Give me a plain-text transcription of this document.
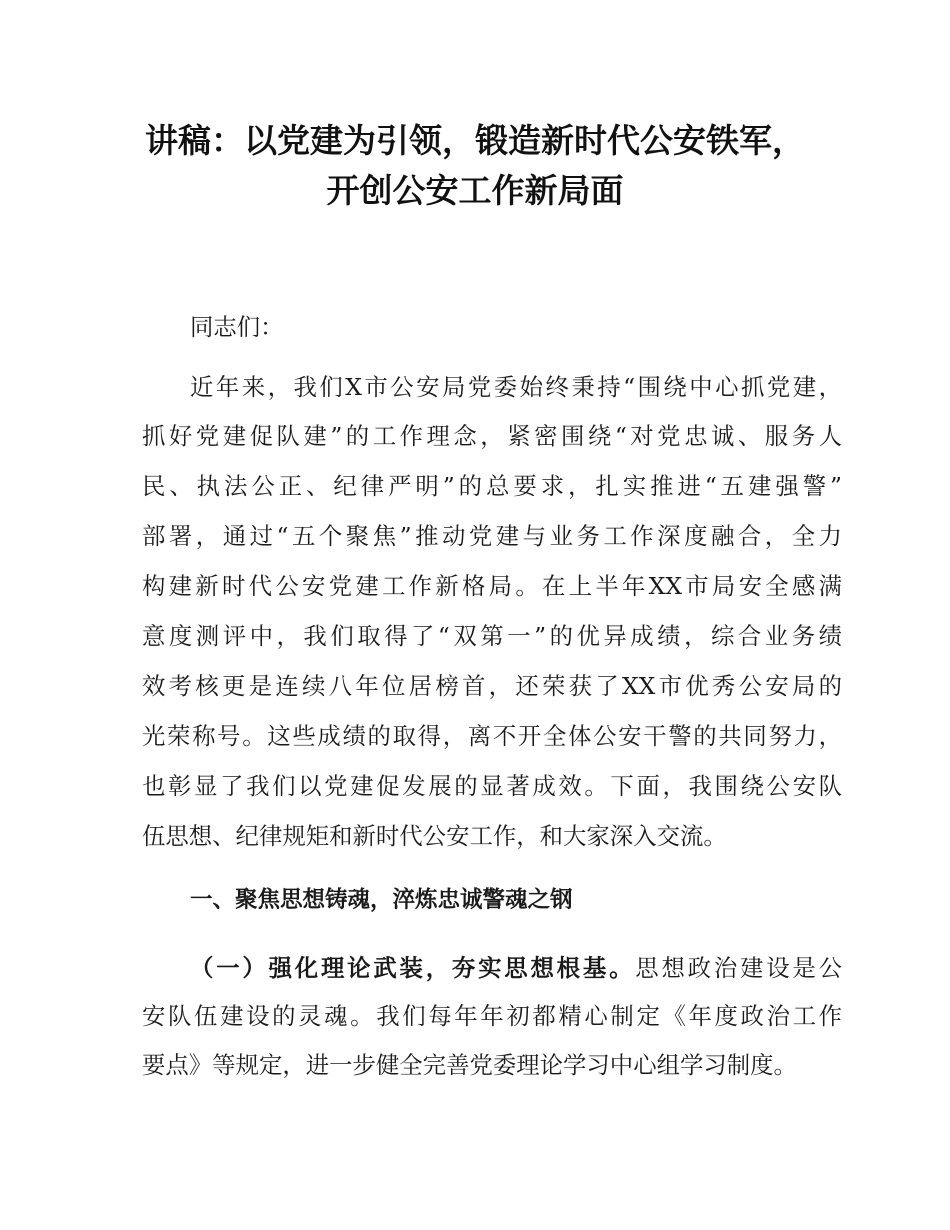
讲稿：以党建为引领，锻造新时代公安铁军，
开创公安工作新局面
同志们：
近年来，我们X市公安局党委始终秉持“围绕中心抓党建，
抓好党建促队建”的工作理念，紧密围绕“对党忠诚、服务人
民、执法公正、纪律严明”的总要求，扎实推进“五建强警”
部署，通过“五个聚焦”推动党建与业务工作深度融合，全力
构建新时代公安党建工作新格局。在上半年XX市局安全感满
意度测评中，我们取得了“双第一”的优异成绩，综合业务绩
效考核更是连续八年位居榜首，还荣获了XX市优秀公安局的
光荣称号。这些成绩的取得，离不开全体公安干警的共同努力，
也彰显了我们以党建促发展的显著成效。下面，我围绕公安队
伍思想、纪律规矩和新时代公安工作，和大家深入交流。
一、聚焦思想铸魂，淬炼忠诚警魂之钢
（一）强化理论武装，夯实思想根基。思想政治建设是公
安队伍建设的灵魂。我们每年年初都精心制定《年度政治工作
要点》等规定，进一步健全完善党委理论学习中心组学习制度。
